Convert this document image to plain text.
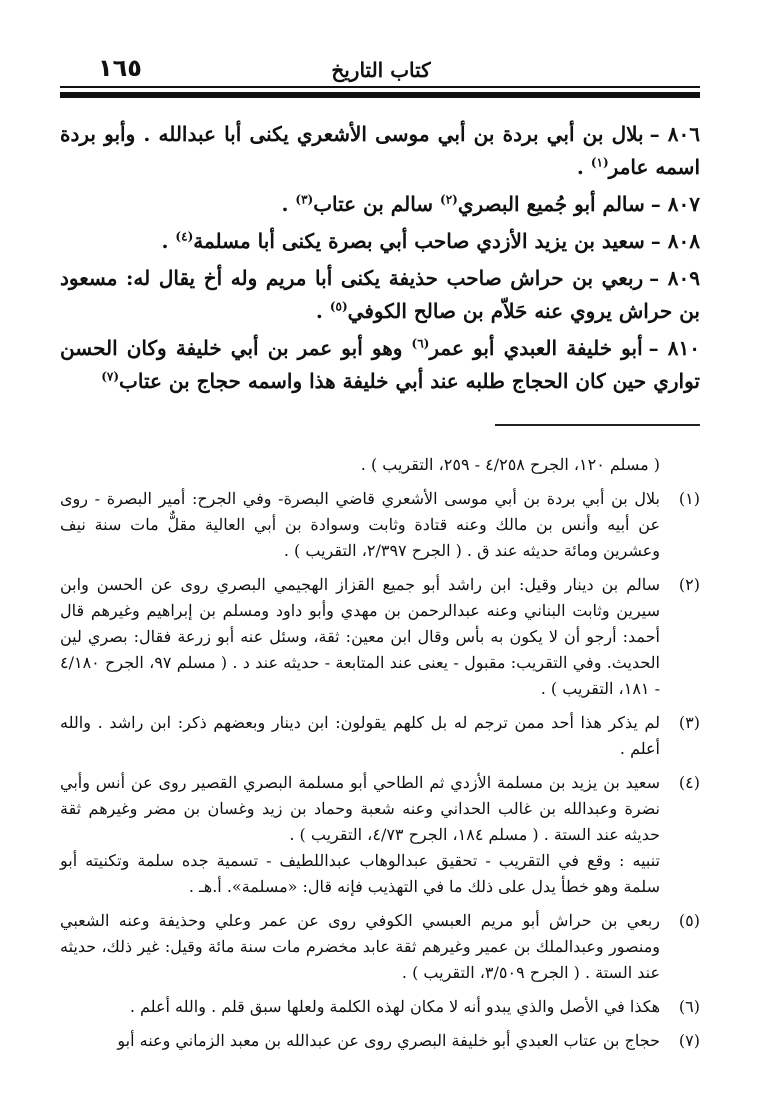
١٦٥	كتاب التاريخ
٨٠٦ –بلال بن أبي بردة بن أبي موسى الأشعري يكنى أبا عبدالله . وأبو بردة اسمه عامر$^{(١)}$ .
٨٠٧ –سالم أبو جُميع البصري$^{(٢)}$ سالم بن عتاب$^{(٣)}$ .
٨٠٨ –سعيد بن يزيد الأزدي صاحب أبي بصرة يكنى أبا مسلمة$^{(٤)}$ .
٨٠٩ –ربعي بن حراش صاحب حذيفة يكنى أبا مريم وله أخ يقال له: مسعود بن حراش يروي عنه حَلاّم بن صالح الكوفي$^{(٥)}$ .
٨١٠ –أبو خليفة العبدي أبو عمر$^{(٦)}$ وهو أبو عمر بن أبي خليفة وكان الحسن تواري حين كان الحجاج طلبه عند أبي خليفة هذا واسمه حجاج بن عتاب$^{(٧)}$
( مسلم ١٢٠، الجرح ٤/٢٥٨ - ٢٥٩، التقريب ) .
(١)

بلال بن أبي بردة بن أبي موسى الأشعري قاضي البصرة- وفي الجرح: أمير البصرة - روى عن أبيه وأنس بن مالك وعنه قتادة وثابت وسوادة بن أبي العالية مقلٌّ مات سنة نيف وعشرين ومائة حديثه عند ق . ( الجرح ٢/٣٩٧، التقريب ) .

(٢)

سالم بن دينار وقيل: ابن راشد أبو جميع القزاز الهجيمي البصري روى عن الحسن وابن سيرين وثابت البناني وعنه عبدالرحمن بن مهدي وأبو داود ومسلم بن إبراهيم وغيرهم قال أحمد: أرجو أن لا يكون به بأس وقال ابن معين: ثقة، وسئل عنه أبو زرعة فقال: بصري لين الحديث. وفي التقريب: مقبول - يعنى عند المتابعة - حديثه عند د . ( مسلم ٩٧، الجرح ٤/١٨٠ - ١٨١، التقريب ) .

(٣)

لم يذكر هذا أحد ممن ترجم له بل كلهم يقولون: ابن دينار وبعضهم ذكر: ابن راشد . والله أعلم .

(٤)

سعيد بن يزيد بن مسلمة الأزدي ثم الطاحي أبو مسلمة البصري القصير روى عن أنس وأبي نضرة وعبدالله بن غالب الحداني وعنه شعبة وحماد بن زيد وغسان بن مضر وغيرهم ثقة حديثه عند الستة . ( مسلم ١٨٤، الجرح ٤/٧٣، التقريب ) .

تنبيه : وقع في التقريب - تحقيق عبدالوهاب عبداللطيف - تسمية جده سلمة وتكنيته أبو سلمة وهو خطأ يدل على ذلك ما في التهذيب فإنه قال: «مسلمة». أ.هـ .

(٥)

ربعي بن حراش أبو مريم العبسي الكوفي روى عن عمر وعلي وحذيفة وعنه الشعبي ومنصور وعبدالملك بن عمير وغيرهم ثقة عابد مخضرم مات سنة مائة وقيل: غير ذلك، حديثه عند الستة . ( الجرح ٣/٥٠٩، التقريب ) .

(٦)

هكذا في الأصل والذي يبدو أنه لا مكان لهذه الكلمة ولعلها سبق قلم . والله أعلم .

(٧)

حجاج بن عتاب العبدي أبو خليفة البصري روى عن عبدالله بن معبد الزماني وعنه أبو
